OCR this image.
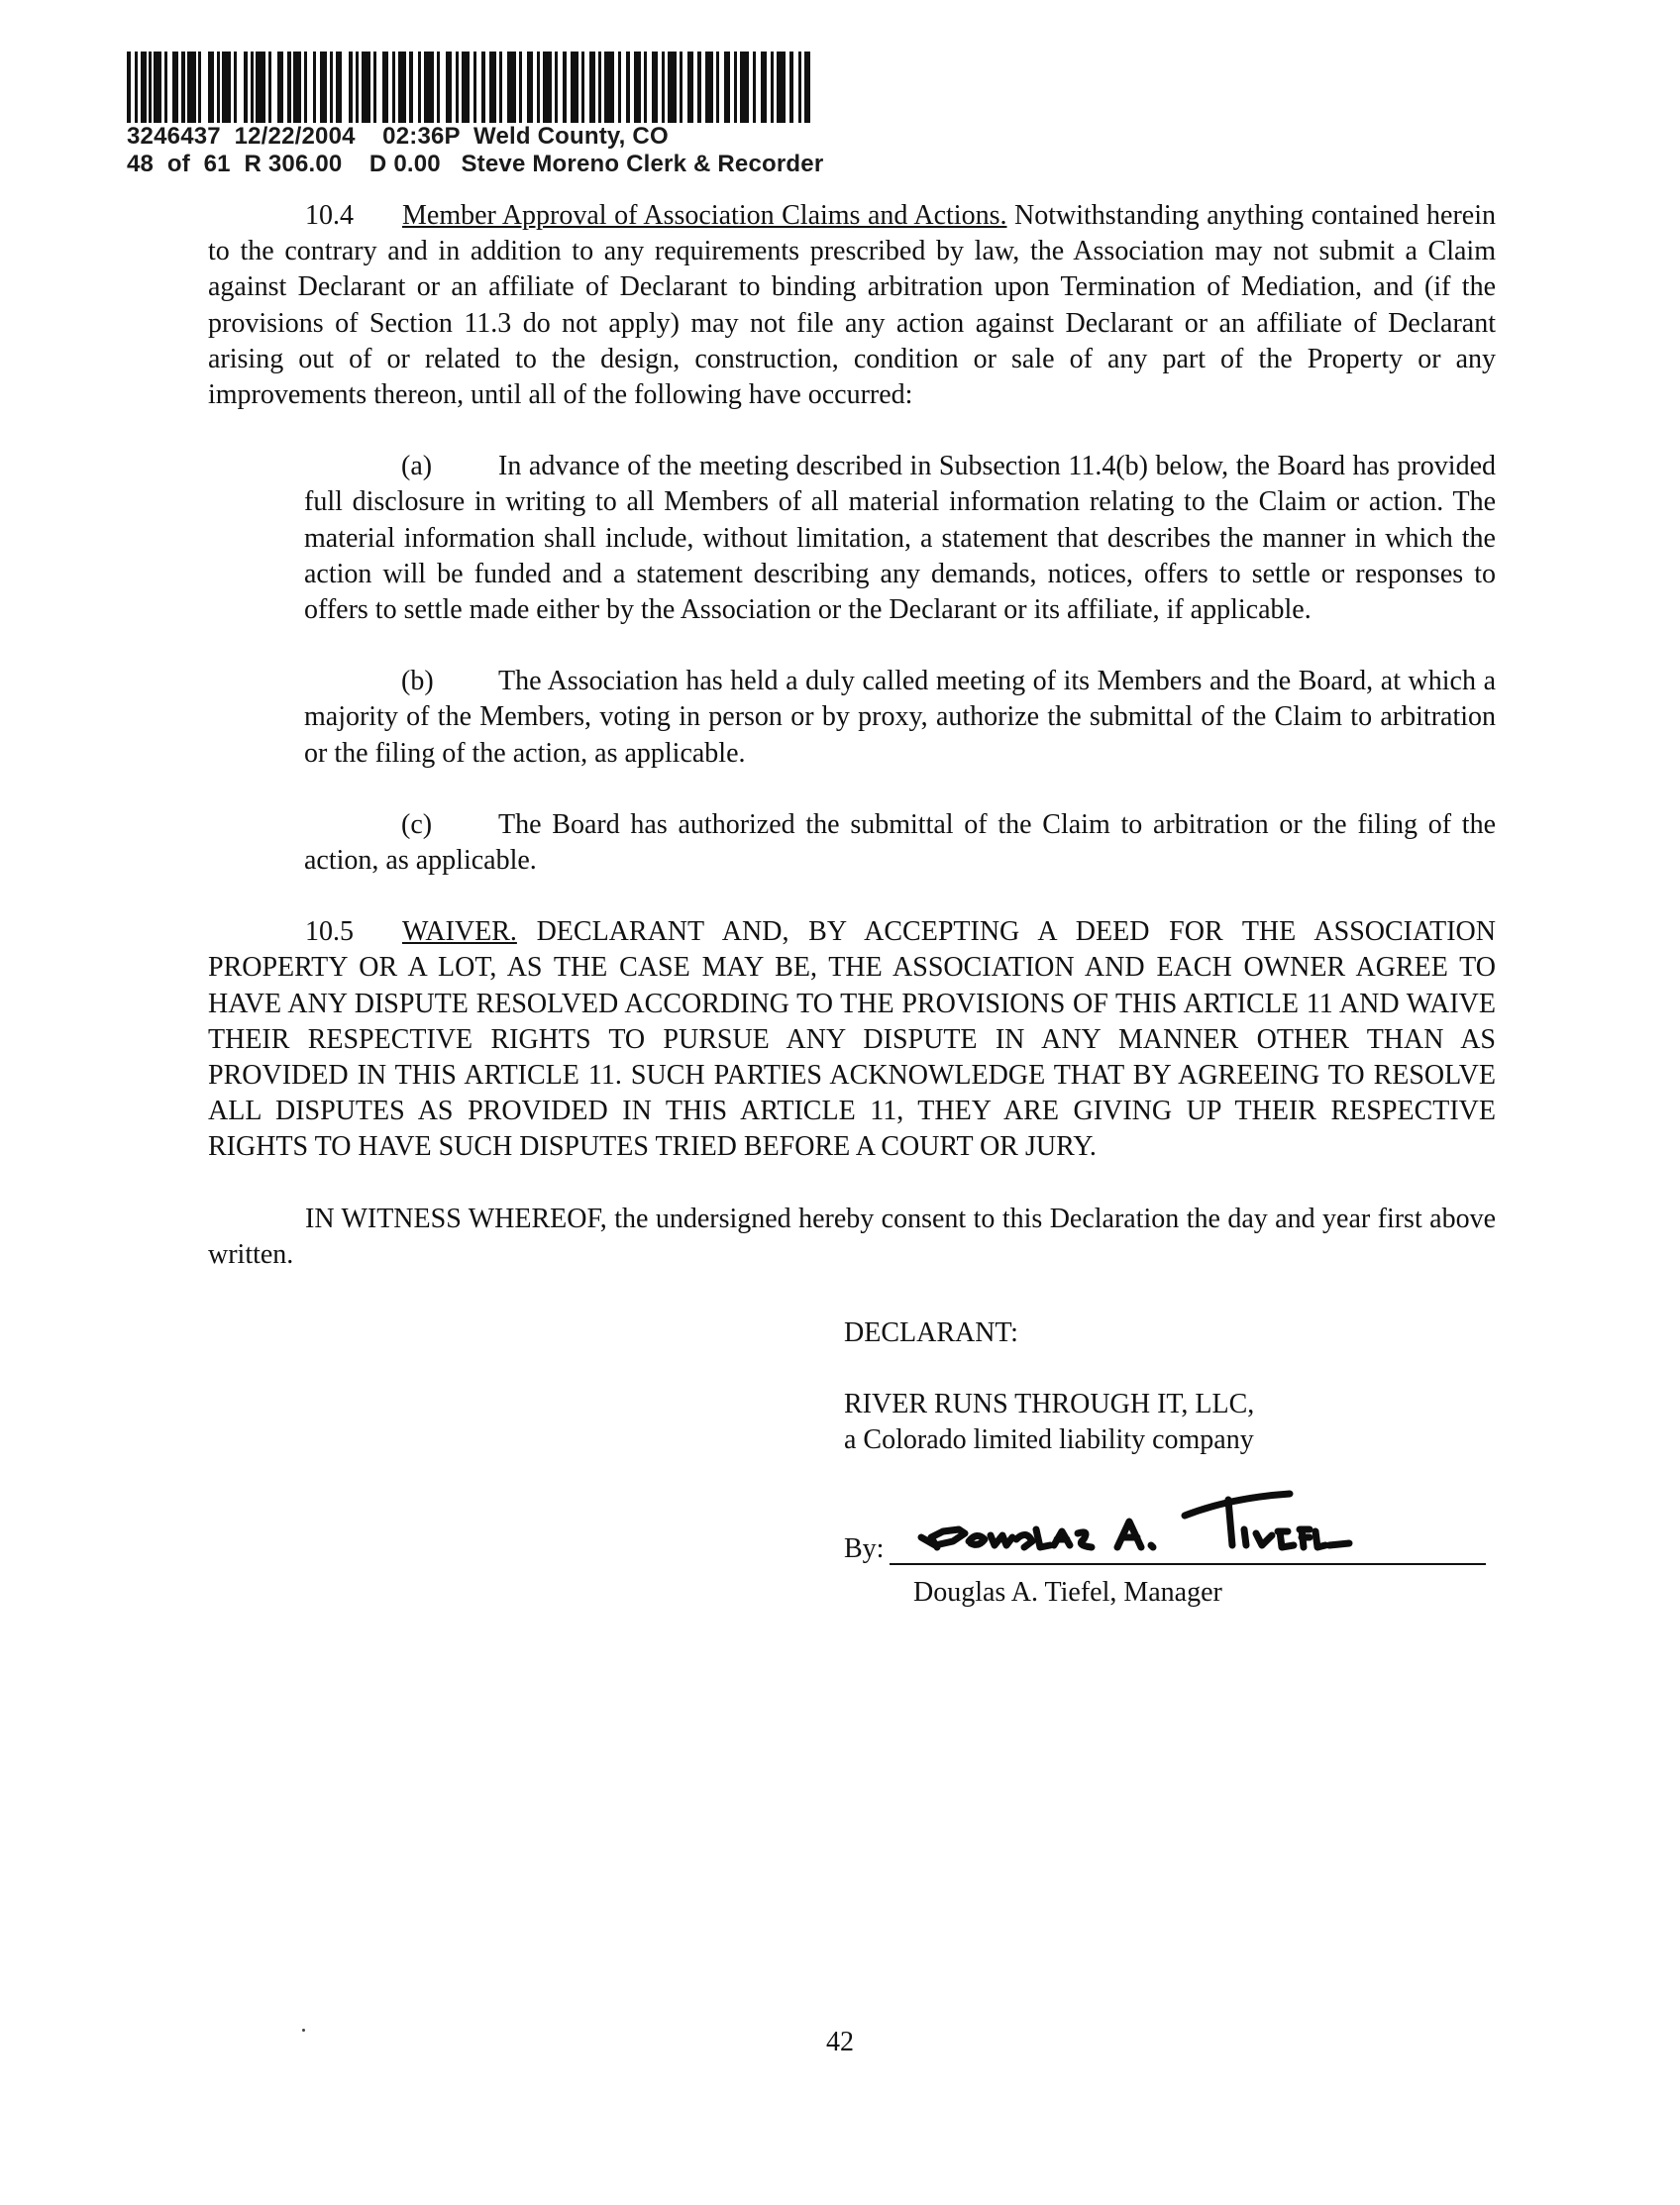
3246437  12/22/2004    02:36P  Weld County, CO
48  of  61  R 306.00    D 0.00   Steve Moreno Clerk & Recorder

10.4 Member Approval of Association Claims and Actions. Notwithstanding anything contained herein to the contrary and in addition to any requirements prescribed by law, the Association may not submit a Claim against Declarant or an affiliate of Declarant to binding arbitration upon Termination of Mediation, and (if the provisions of Section 11.3 do not apply) may not file any action against Declarant or an affiliate of Declarant arising out of or related to the design, construction, condition or sale of any part of the Property or any improvements thereon, until all of the following have occurred:

(a) In advance of the meeting described in Subsection 11.4(b) below, the Board has provided full disclosure in writing to all Members of all material information relating to the Claim or action. The material information shall include, without limitation, a statement that describes the manner in which the action will be funded and a statement describing any demands, notices, offers to settle or responses to offers to settle made either by the Association or the Declarant or its affiliate, if applicable.

(b) The Association has held a duly called meeting of its Members and the Board, at which a majority of the Members, voting in person or by proxy, authorize the submittal of the Claim to arbitration or the filing of the action, as applicable.

(c) The Board has authorized the submittal of the Claim to arbitration or the filing of the action, as applicable.

10.5 WAIVER. DECLARANT AND, BY ACCEPTING A DEED FOR THE ASSOCIATION PROPERTY OR A LOT, AS THE CASE MAY BE, THE ASSOCIATION AND EACH OWNER AGREE TO HAVE ANY DISPUTE RESOLVED ACCORDING TO THE PROVISIONS OF THIS ARTICLE 11 AND WAIVE THEIR RESPECTIVE RIGHTS TO PURSUE ANY DISPUTE IN ANY MANNER OTHER THAN AS PROVIDED IN THIS ARTICLE 11. SUCH PARTIES ACKNOWLEDGE THAT BY AGREEING TO RESOLVE ALL DISPUTES AS PROVIDED IN THIS ARTICLE 11, THEY ARE GIVING UP THEIR RESPECTIVE RIGHTS TO HAVE SUCH DISPUTES TRIED BEFORE A COURT OR JURY.

IN WITNESS WHEREOF, the undersigned hereby consent to this Declaration the day and year first above written.

DECLARANT:

RIVER RUNS THROUGH IT, LLC,

a Colorado limited liability company

By:

Douglas A. Tiefel, Manager

42
